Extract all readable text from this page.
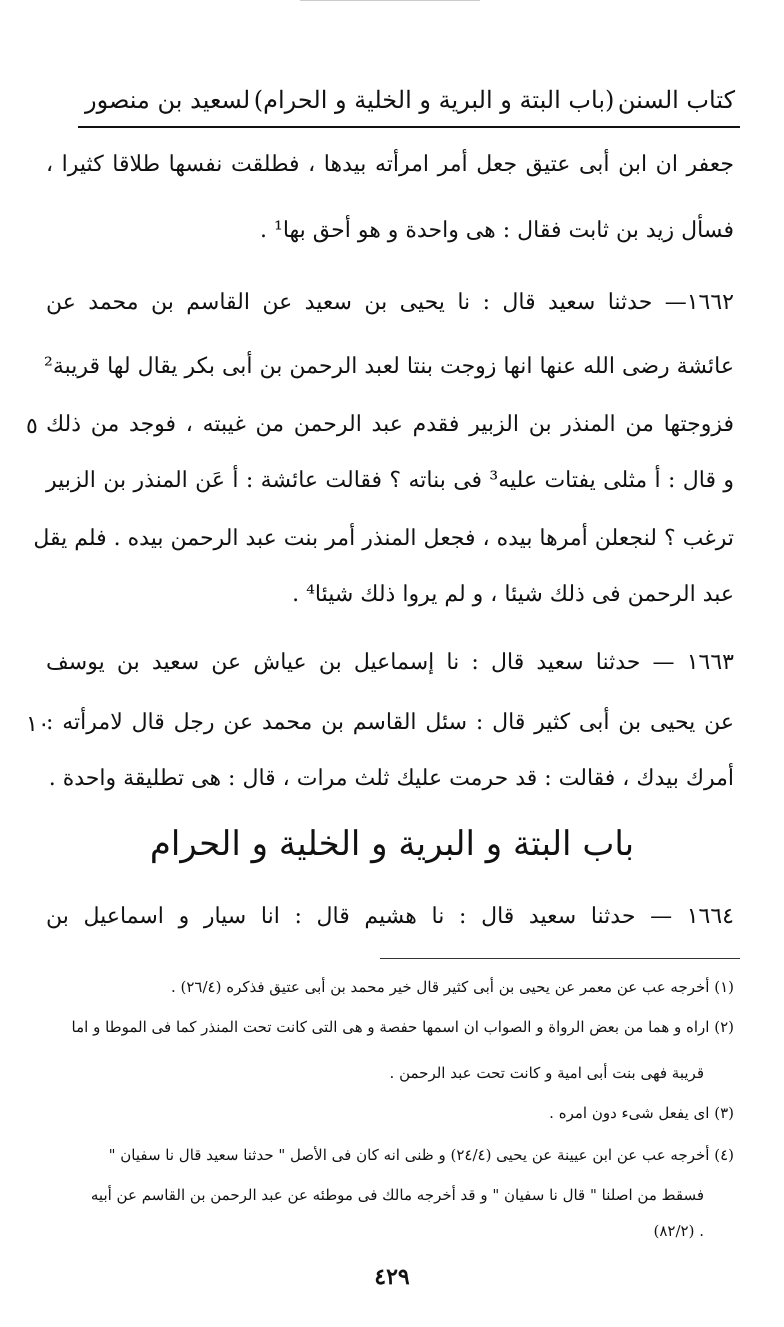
كتاب السنن
(باب البتة و البرية و الخلية و الحرام)
لسعيد بن منصور
جعفر ان ابن أبى عتيق جعل أمر امرأته بيدها ، فطلقت نفسها طلاقا كثيرا ،
فسأل زيد بن ثابت فقال : هى واحدة و هو أحق بها¹ .
١٦٦٢— حدثنا سعيد قال : نا يحيى بن سعيد عن القاسم بن محمد عن
عائشة رضى الله عنها انها زوجت بنتا لعبد الرحمن بن أبى بكر يقال لها قريبة²
فزوجتها من المنذر بن الزبير فقدم عبد الرحمن من غيبته ، فوجد من ذلك
٥
و قال : أ مثلى يفتات عليه³ فى بناته ؟ فقالت عائشة : أ عَن المنذر بن الزبير
ترغب ؟ لنجعلن أمرها بيده ، فجعل المنذر أمر بنت عبد الرحمن بيده . فلم يقل
عبد الرحمن فى ذلك شيئا ، و لم يروا ذلك شيئا⁴ .
١٦٦٣ — حدثنا سعيد قال : نا إسماعيل بن عياش عن سعيد بن يوسف
عن يحيى بن أبى كثير قال : سئل القاسم بن محمد عن رجل قال لامرأته :
١٠
أمرك بيدك ، فقالت : قد حرمت عليك ثلث مرات ، قال : هى تطليقة واحدة .
باب البتة و البرية و الخلية و الحرام
١٦٦٤ — حدثنا سعيد قال : نا هشيم قال : انا سيار و اسماعيل بن
(١) أخرجه عب عن معمر عن يحيى بن أبى كثير قال خير محمد بن أبى عتيق فذكره (٢٦/٤) .
(٢) اراه و هما من بعض الرواة و الصواب ان اسمها حفصة و هى التى كانت تحت المنذر كما فى الموطا و اما
قريبة فهى بنت أبى امية و كانت تحت عبد الرحمن .
(٣) اى يفعل شىء دون امره .
(٤) أخرجه عب عن ابن عيينة عن يحيى (٢٤/٤) و ظنى انه كان فى الأصل " حدثنا سعيد قال نا سفيان "
فسقط من اصلنا " قال نا سفيان " و قد أخرجه مالك فى موطئه عن عبد الرحمن بن القاسم عن أبيه
(٨٢/٢) .
٤٢٩
